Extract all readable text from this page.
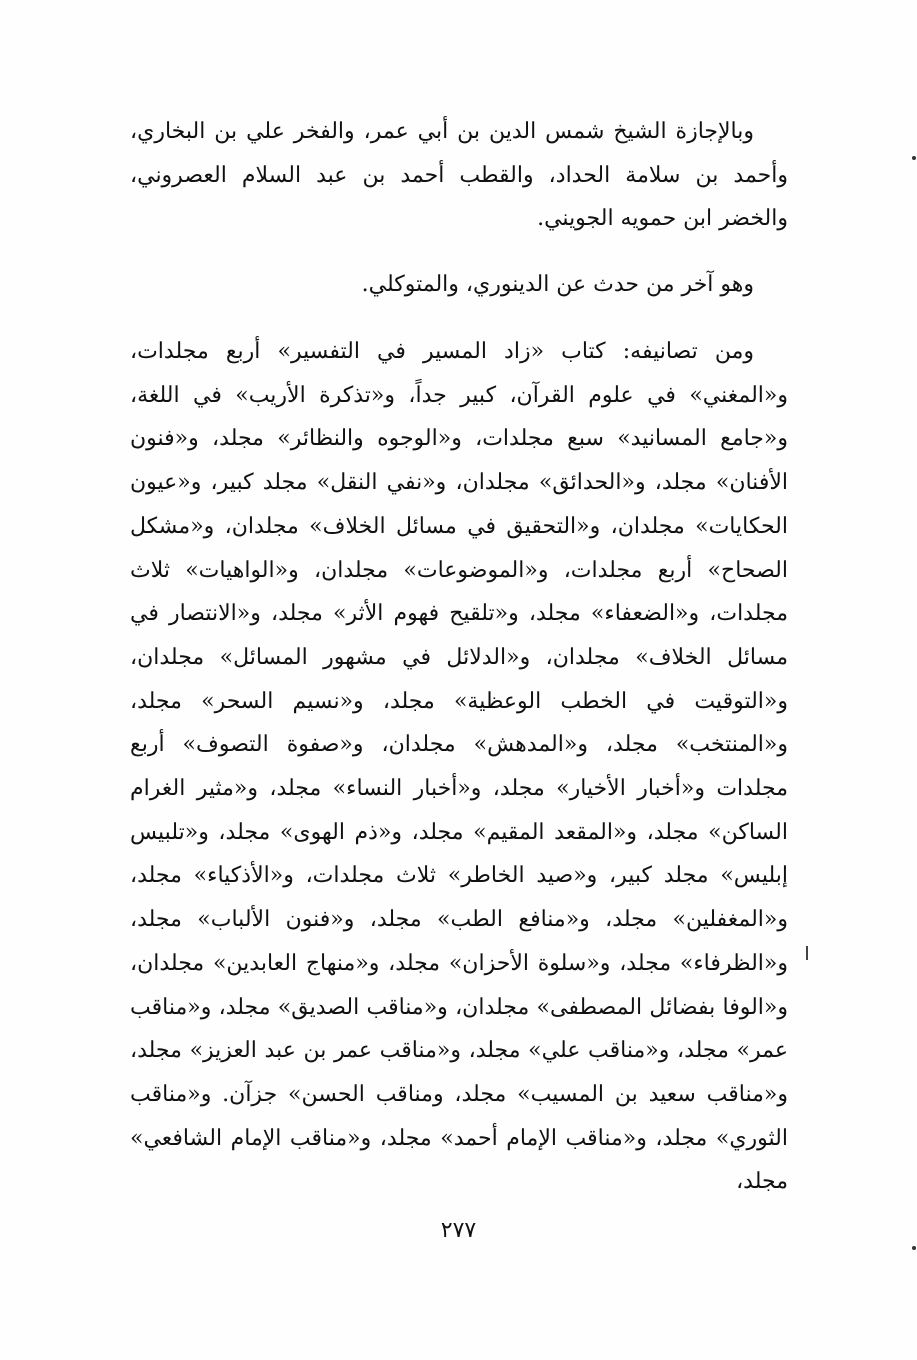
وبالإجازة الشيخ شمس الدين بن أبي عمر، والفخر علي بن البخاري، وأحمد بن سلامة الحداد، والقطب أحمد بن عبد السلام العصروني، والخضر ابن حمويه الجويني.

وهو آخر من حدث عن الدينوري، والمتوكلي.

ومن تصانيفه: كتاب «زاد المسير في التفسير» أربع مجلدات، و«المغني» في علوم القرآن، كبير جداً، و«تذكرة الأريب» في اللغة، و«جامع المسانيد» سبع مجلدات، و«الوجوه والنظائر» مجلد، و«فنون الأفنان» مجلد، و«الحدائق» مجلدان، و«نفي النقل» مجلد كبير، و«عيون الحكايات» مجلدان، و«التحقيق في مسائل الخلاف» مجلدان، و«مشكل الصحاح» أربع مجلدات، و«الموضوعات» مجلدان، و«الواهيات» ثلاث مجلدات، و«الضعفاء» مجلد، و«تلقيح فهوم الأثر» مجلد، و«الانتصار في مسائل الخلاف» مجلدان، و«الدلائل في مشهور المسائل» مجلدان، و«التوقيت في الخطب الوعظية» مجلد، و«نسيم السحر» مجلد، و«المنتخب» مجلد، و«المدهش» مجلدان، و«صفوة التصوف» أربع مجلدات و«أخبار الأخيار» مجلد، و«أخبار النساء» مجلد، و«مثير الغرام الساكن» مجلد، و«المقعد المقيم» مجلد، و«ذم الهوى» مجلد، و«تلبيس إبليس» مجلد كبير، و«صيد الخاطر» ثلاث مجلدات، و«الأذكياء» مجلد، و«المغفلين» مجلد، و«منافع الطب» مجلد، و«فنون الألباب» مجلد، و«الظرفاء» مجلد، و«سلوة الأحزان» مجلد، و«منهاج العابدين» مجلدان، و«الوفا بفضائل المصطفى» مجلدان، و«مناقب الصديق» مجلد، و«مناقب عمر» مجلد، و«مناقب علي» مجلد، و«مناقب عمر بن عبد العزيز» مجلد، و«مناقب سعيد بن المسيب» مجلد، ومناقب الحسن» جزآن. و«مناقب الثوري» مجلد، و«مناقب الإمام أحمد» مجلد، و«مناقب الإمام الشافعي» مجلد،

٢٧٧
